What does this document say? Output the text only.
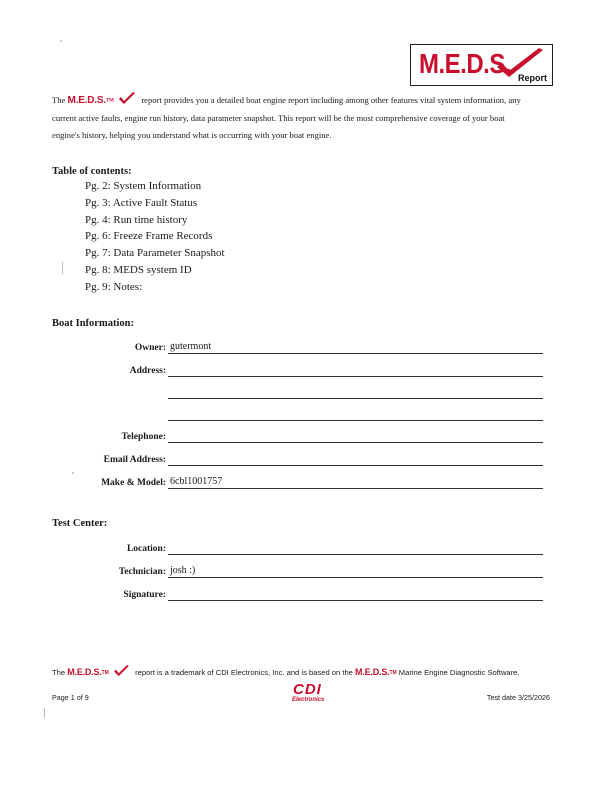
M.E.D.S. Report
The M.E.D.S.TM	report provides you a detailed boat engine report including among other features vital system information, any
current active faults, engine run history, data parameter snapshot. This report will be the most comprehensive coverage of your boat
engine's history, helping you understand what is occurring with your boat engine.
Table of contents:
Pg. 2: System Information
Pg. 3: Active Fault Status
Pg. 4: Run time history
Pg. 6: Freeze Frame Records
Pg. 7: Data Parameter Snapshot
Pg. 8: MEDS system ID
Pg. 9: Notes:
Boat Information:
Owner: gutermont
Address:
Telephone:
Email Address:
Make & Model: 6cbl1001757
Test Center:
Location:
Technician: josh :)
Signature:
The M.E.D.S.TM	report is a trademark of CDI Electronics, Inc. and is based on the M.E.D.S.TM Marine Engine Diagnostic Software.
Page 1 of 9	CDI
Electronics	Test date 3/25/2026
